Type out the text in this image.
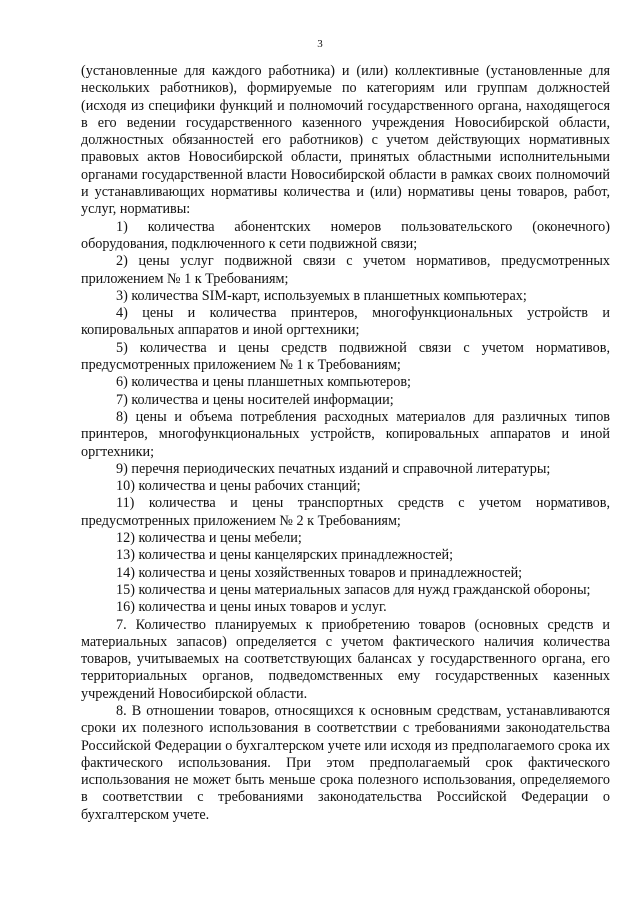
3

(установленные для каждого работника) и (или) коллективные (установленные для нескольких работников), формируемые по категориям или группам должностей (исходя из специфики функций и полномочий государственного органа, находящегося в его ведении государственного казенного учреждения Новосибирской области, должностных обязанностей его работников) с учетом действующих нормативных правовых актов Новосибирской области, принятых областными исполнительными органами государственной власти Новосибирской области в рамках своих полномочий и устанавливающих нормативы количества и (или) нормативы цены товаров, работ, услуг, нормативы:

1) количества абонентских номеров пользовательского (оконечного) оборудования, подключенного к сети подвижной связи;

2) цены услуг подвижной связи с учетом нормативов, предусмотренных приложением № 1 к Требованиям;

3) количества SIM-карт, используемых в планшетных компьютерах;

4) цены и количества принтеров, многофункциональных устройств и копировальных аппаратов и иной оргтехники;

5) количества и цены средств подвижной связи с учетом нормативов, предусмотренных приложением № 1 к Требованиям;

6) количества и цены планшетных компьютеров;

7) количества и цены носителей информации;

8) цены и объема потребления расходных материалов для различных типов принтеров, многофункциональных устройств, копировальных аппаратов и иной оргтехники;

9) перечня периодических печатных изданий и справочной литературы;

10) количества и цены рабочих станций;

11) количества и цены транспортных средств с учетом нормативов, предусмотренных приложением № 2 к Требованиям;

12) количества и цены мебели;

13) количества и цены канцелярских принадлежностей;

14) количества и цены хозяйственных товаров и принадлежностей;

15) количества и цены материальных запасов для нужд гражданской обороны;

16) количества и цены иных товаров и услуг.

7. Количество планируемых к приобретению товаров (основных средств и материальных запасов) определяется с учетом фактического наличия количества товаров, учитываемых на соответствующих балансах у государственного органа, его территориальных органов, подведомственных ему государственных казенных учреждений Новосибирской области.

8. В отношении товаров, относящихся к основным средствам, устанавливаются сроки их полезного использования в соответствии с требованиями законодательства Российской Федерации о бухгалтерском учете или исходя из предполагаемого срока их фактического использования. При этом предполагаемый срок фактического использования не может быть меньше срока полезного использования, определяемого в соответствии с требованиями законодательства Российской Федерации о бухгалтерском учете.
